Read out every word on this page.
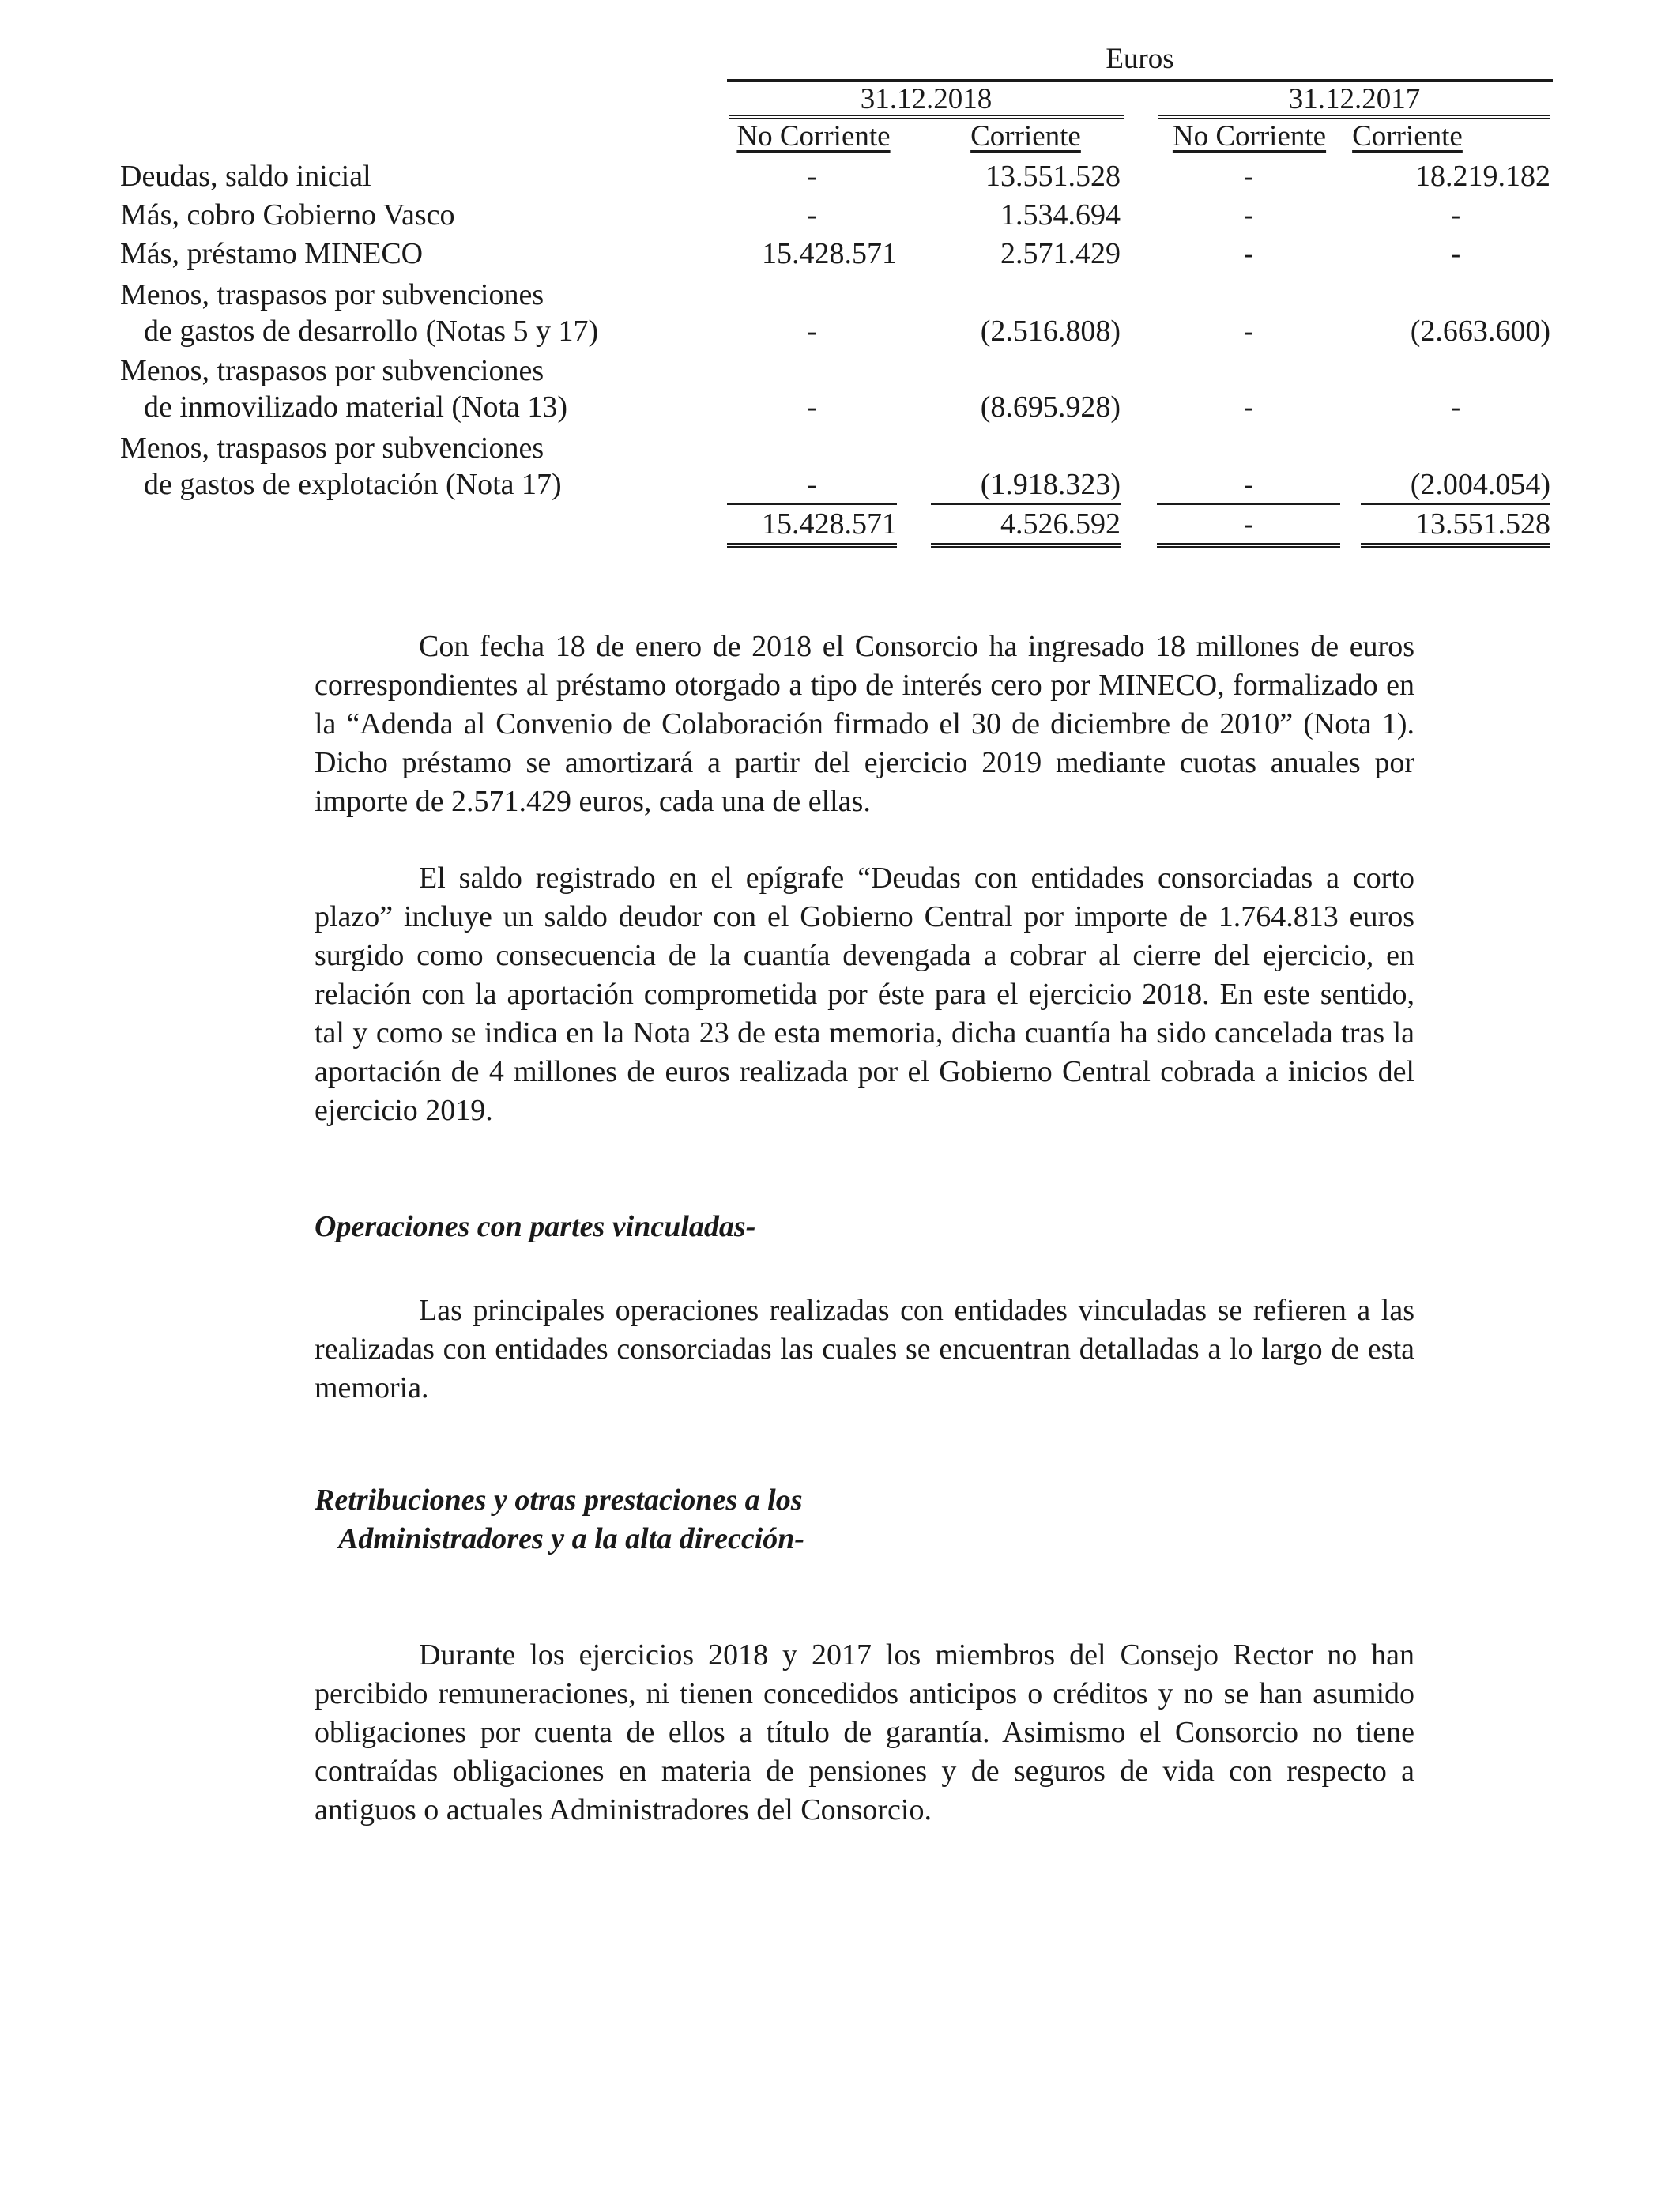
Euros
31.12.2018	31.12.2017
No Corriente	Corriente	No Corriente Corriente
Deudas, saldo inicial	-	13.551.528	-	18.219.182
Más, cobro Gobierno Vasco	-	1.534.694	-	-
Más, préstamo MINECO	15.428.571	2.571.429	-	-
Menos, traspasos por subvenciones
de gastos de desarrollo (Notas 5 y 17)	-	(2.516.808)	-	(2.663.600)
Menos, traspasos por subvenciones
de inmovilizado material (Nota 13)	-	(8.695.928)	-	-
Menos, traspasos por subvenciones
de gastos de explotación (Nota 17)	-	(1.918.323)	-	(2.004.054)
15.428.571	4.526.592	-	13.551.528

Con fecha 18 de enero de 2018 el Consorcio ha ingresado 18 millones de euros correspondientes al préstamo otorgado a tipo de interés cero por MINECO, formalizado en la “Adenda al Convenio de Colaboración firmado el 30 de diciembre de 2010” (Nota 1). Dicho préstamo se amortizará a partir del ejercicio 2019 mediante cuotas anuales por importe de 2.571.429 euros, cada una de ellas.

El saldo registrado en el epígrafe “Deudas con entidades consorciadas a corto plazo” incluye un saldo deudor con el Gobierno Central por importe de 1.764.813 euros surgido como consecuencia de la cuantía devengada a cobrar al cierre del ejercicio, en relación con la aportación comprometida por éste para el ejercicio 2018. En este sentido, tal y como se indica en la Nota 23 de esta memoria, dicha cuantía ha sido cancelada tras la aportación de 4 millones de euros realizada por el Gobierno Central cobrada a inicios del ejercicio 2019.

Operaciones con partes vinculadas-

Las principales operaciones realizadas con entidades vinculadas se refieren a las realizadas con entidades consorciadas las cuales se encuentran detalladas a lo largo de esta memoria.

Retribuciones y otras prestaciones a los
Administradores y a la alta dirección-

Durante los ejercicios 2018 y 2017 los miembros del Consejo Rector no han percibido remuneraciones, ni tienen concedidos anticipos o créditos y no se han asumido obligaciones por cuenta de ellos a título de garantía. Asimismo el Consorcio no tiene contraídas obligaciones en materia de pensiones y de seguros de vida con respecto a antiguos o actuales Administradores del Consorcio.
